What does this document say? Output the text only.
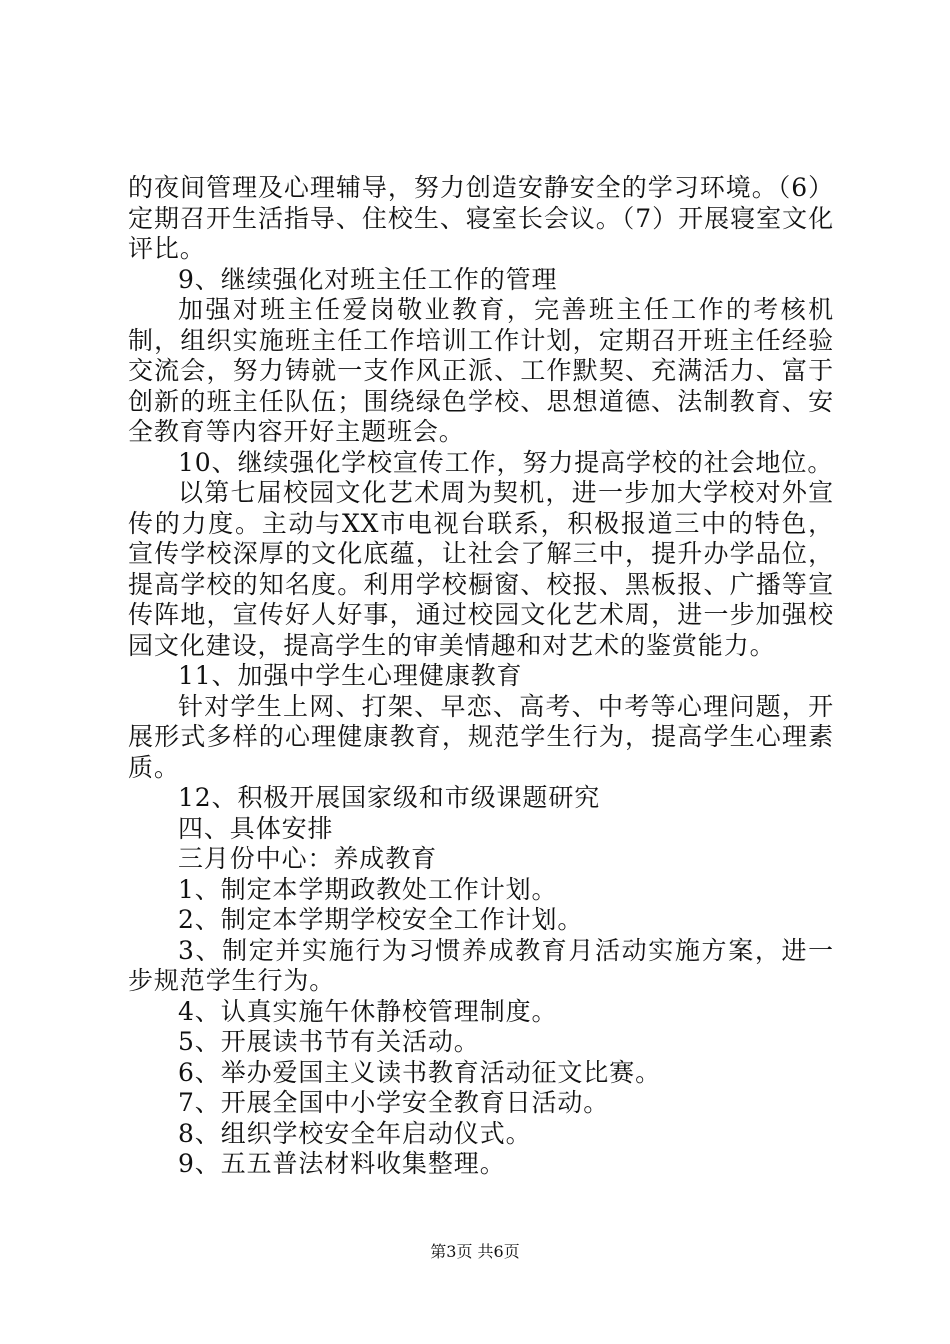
的夜间管理及心理辅导，努力创造安静安全的学习环境。（6）定期召开生活指导、住校生、寝室长会议。（7）开展寝室文化评比。

9、继续强化对班主任工作的管理

加强对班主任爱岗敬业教育，完善班主任工作的考核机制，组织实施班主任工作培训工作计划，定期召开班主任经验交流会，努力铸就一支作风正派、工作默契、充满活力、富于创新的班主任队伍；围绕绿色学校、思想道德、法制教育、安全教育等内容开好主题班会。

10、继续强化学校宣传工作，努力提高学校的社会地位。

以第七届校园文化艺术周为契机，进一步加大学校对外宣传的力度。主动与XX市电视台联系，积极报道三中的特色，宣传学校深厚的文化底蕴，让社会了解三中，提升办学品位，提高学校的知名度。利用学校橱窗、校报、黑板报、广播等宣传阵地，宣传好人好事，通过校园文化艺术周，进一步加强校园文化建设，提高学生的审美情趣和对艺术的鉴赏能力。

11、加强中学生心理健康教育

针对学生上网、打架、早恋、高考、中考等心理问题，开展形式多样的心理健康教育，规范学生行为，提高学生心理素质。

12、积极开展国家级和市级课题研究

四、具体安排

三月份中心：养成教育

1、制定本学期政教处工作计划。

2、制定本学期学校安全工作计划。

3、制定并实施行为习惯养成教育月活动实施方案，进一步规范学生行为。

4、认真实施午休静校管理制度。

5、开展读书节有关活动。

6、举办爱国主义读书教育活动征文比赛。

7、开展全国中小学安全教育日活动。

8、组织学校安全年启动仪式。

9、五五普法材料收集整理。

第3页 共6页
